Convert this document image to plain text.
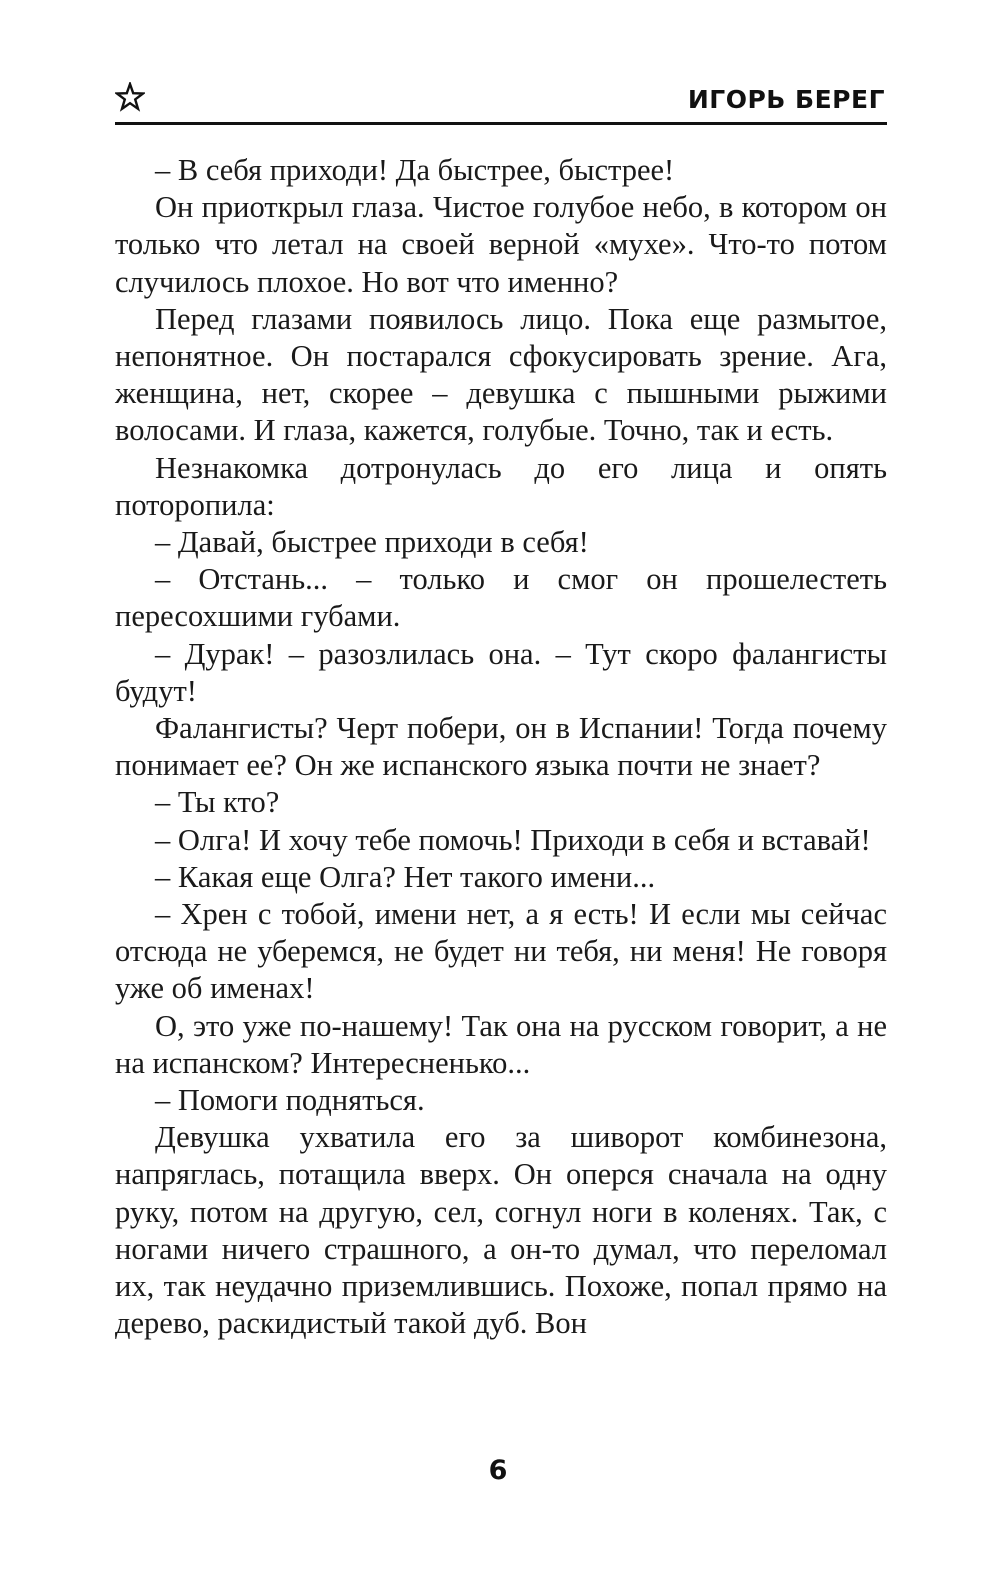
ИГОРЬ БЕРЕГ

– В себя приходи! Да быстрее, быстрее!

Он приоткрыл глаза. Чистое голубое небо, в котором он только что летал на своей верной «мухе». Что-то потом случилось плохое. Но вот что именно?

Перед глазами появилось лицо. Пока еще размытое, непонятное. Он постарался сфокусировать зрение. Ага, женщина, нет, скорее – девушка с пышными рыжими волосами. И глаза, кажется, голубые. Точно, так и есть.

Незнакомка дотронулась до его лица и опять поторопила:

– Давай, быстрее приходи в себя!

– Отстань... – только и смог он прошелестеть пересохшими губами.

– Дурак! – разозлилась она. – Тут скоро фалангисты будут!

Фалангисты? Черт побери, он в Испании! Тогда почему понимает ее? Он же испанского языка почти не знает?

– Ты кто?

– Олга! И хочу тебе помочь! Приходи в себя и вставай!

– Какая еще Олга? Нет такого имени...

– Хрен с тобой, имени нет, а я есть! И если мы сейчас отсюда не уберемся, не будет ни тебя, ни меня! Не говоря уже об именах!

О, это уже по-нашему! Так она на русском говорит, а не на испанском? Интересненько...

– Помоги подняться.

Девушка ухватила его за шиворот комбинезона, напряглась, потащила вверх. Он оперся сначала на одну руку, потом на другую, сел, согнул ноги в коленях. Так, с ногами ничего страшного, а он-то думал, что переломал их, так неудачно приземлившись. Похоже, попал прямо на дерево, раскидистый такой дуб. Вон

6
